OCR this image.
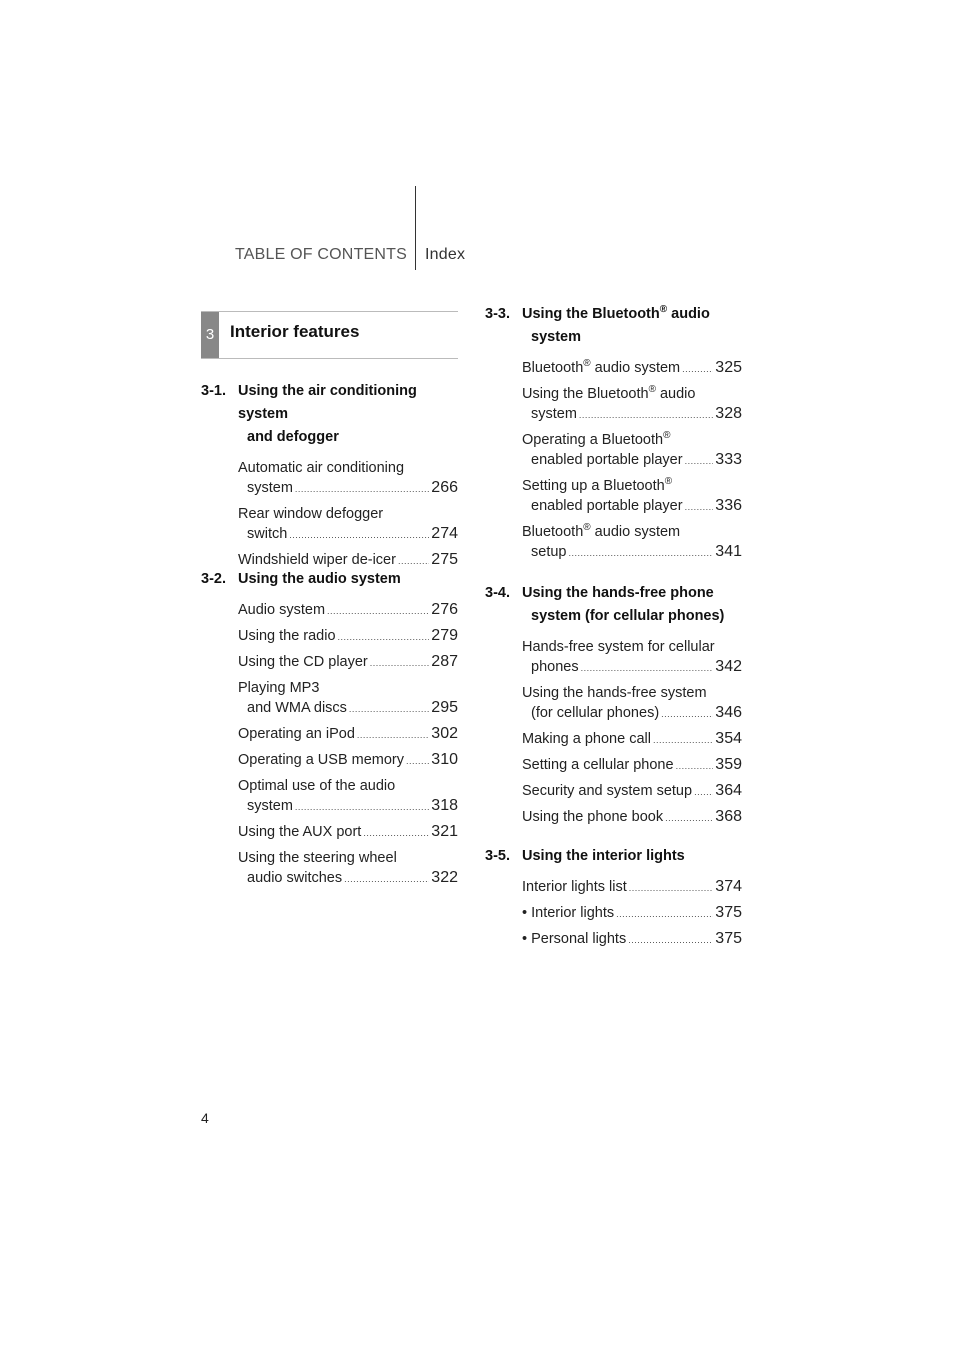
TABLE OF CONTENTS Index
3 Interior features
3-1. Using the air conditioning system
and defogger
Automatic air conditioning
system .....	266
Rear window defogger
switch .....	274
Windshield wiper de-icer ..... 275
3-2. Using the audio system
Audio system .....	276
Using the radio .....	279
Using the CD player .....	287
Playing MP3
and WMA discs .....	295
Operating an iPod .....	302
Operating a USB memory ..... 310
Optimal use of the audio
system .....	318
Using the AUX port .....	321
Using the steering wheel
audio switches .....	322
3-3. Using the Bluetooth® audio
system
Bluetooth® audio system ..... 325
Using the Bluetooth® audio
system .....	328
Operating a Bluetooth®
enabled portable player ..... 333
Setting up a Bluetooth®
enabled portable player ..... 336
Bluetooth® audio system
setup .....	341
3-4. Using the hands-free phone
system (for cellular phones)
Hands-free system for cellular
phones .....	342
Using the hands-free system
(for cellular phones) .....	346
Making a phone call .....	354
Setting a cellular phone .....	359
Security and system setup ..... 364
Using the phone book .....	368
3-5. Using the interior lights
Interior lights list .....	374
• Interior lights .....	375
• Personal lights .....	375
4
